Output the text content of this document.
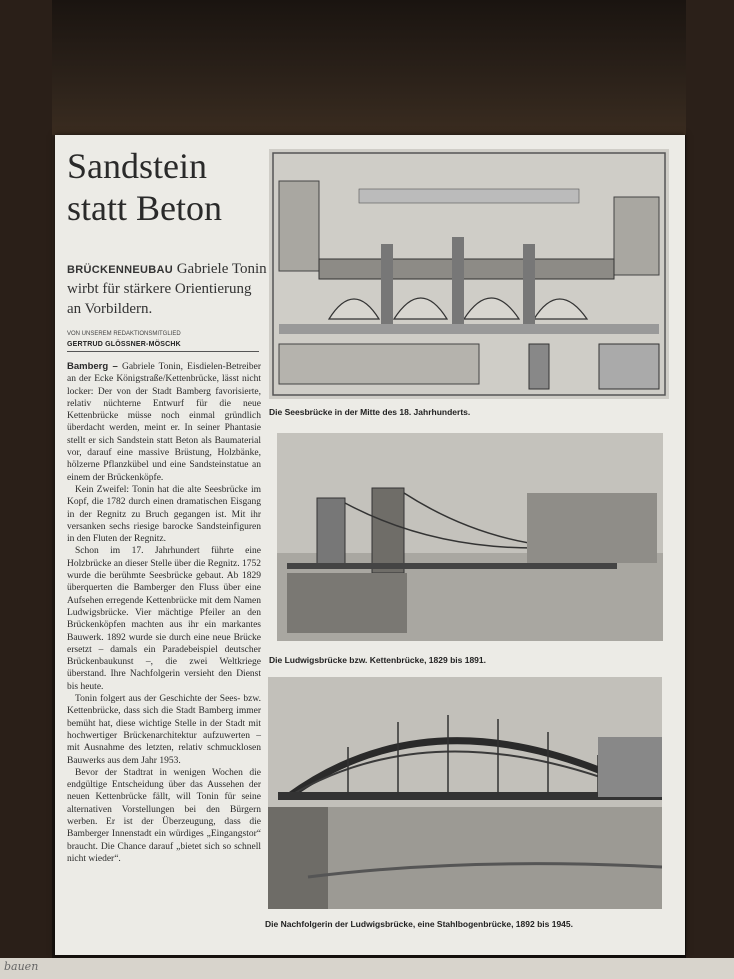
Sandstein
statt Beton
BRÜCKENNEUBAU Gabriele Tonin wirbt für stärkere Orientierung an Vorbildern.
VON UNSEREM REDAKTIONSMITGLIED
GERTRUD GLÖSSNER-MÖSCHK

Bamberg – Gabriele Tonin, Eisdielen-Betreiber an der Ecke Königstraße/Kettenbrücke, lässt nicht locker: Der von der Stadt Bamberg favorisierte, relativ nüchterne Entwurf für die neue Kettenbrücke müsse noch einmal gründlich überdacht werden, meint er. In seiner Phantasie stellt er sich Sandstein statt Beton als Baumaterial vor, darauf eine massive Brüstung, Holzbänke, hölzerne Pflanzkübel und eine Sandsteinstatue an einem der Brückenköpfe.

Kein Zweifel: Tonin hat die alte Seesbrücke im Kopf, die 1782 durch einen dramatischen Eisgang in der Regnitz zu Bruch gegangen ist. Mit ihr versanken sechs riesige barocke Sandsteinfiguren in den Fluten der Regnitz.

Schon im 17. Jahrhundert führte eine Holzbrücke an dieser Stelle über die Regnitz. 1752 wurde die berühmte Seesbrücke gebaut. Ab 1829 überquerten die Bamberger den Fluss über eine Aufsehen erregende Kettenbrücke mit dem Namen Ludwigsbrücke. Vier mächtige Pfeiler an den Brückenköpfen machten aus ihr ein markantes Bauwerk. 1892 wurde sie durch eine neue Brücke ersetzt – damals ein Paradebeispiel deutscher Brückenbaukunst –, die zwei Weltkriege überstand. Ihre Nachfolgerin versieht den Dienst bis heute.

Tonin folgert aus der Geschichte der Sees- bzw. Kettenbrücke, dass sich die Stadt Bamberg immer bemüht hat, diese wichtige Stelle in der Stadt mit hochwertiger Brückenarchitektur aufzuwerten – mit Ausnahme des letzten, relativ schmucklosen Bauwerks aus dem Jahr 1953.

Bevor der Stadtrat in wenigen Wochen die endgültige Entscheidung über das Aussehen der neuen Kettenbrücke fällt, will Tonin für seine alternativen Vorstellungen bei den Bürgern werben. Er ist der Überzeugung, dass die Bamberger Innenstadt ein würdiges „Eingangstor“ braucht. Die Chance darauf „bietet sich so schnell nicht wieder“.

Die Seesbrücke in der Mitte des 18. Jahrhunderts.
Die Ludwigsbrücke bzw. Kettenbrücke, 1829 bis 1891.
Die Nachfolgerin der Ludwigsbrücke, eine Stahlbogenbrücke, 1892 bis 1945.
bauen
